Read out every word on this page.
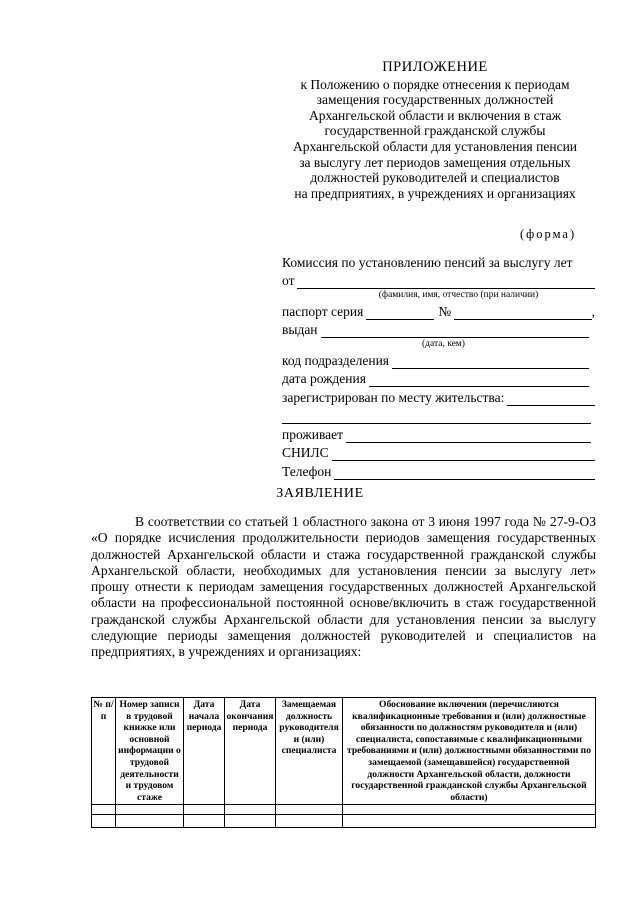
ПРИЛОЖЕНИЕ
к Положению о порядке отнесения к периодам
замещения государственных должностей
Архангельской области и включения в стаж
государственной гражданской службы
Архангельской области для установления пенсии
за выслугу лет периодов замещения отдельных
должностей руководителей и специалистов
на предприятиях, в учреждениях и организациях
(форма)
Комиссия по установлению пенсий за выслугу лет
от
(фамилия, имя, отчество (при наличии)
паспорт серия	№	,
выдан
(дата, кем)
код подразделения
дата рождения
зарегистрирован по месту жительства:
проживает
СНИЛС
Телефон
ЗАЯВЛЕНИЕ

В соответствии со статьей 1 областного закона от 3 июня 1997 года № 27-9-ОЗ «О порядке исчисления продолжительности периодов замещения государственных должностей Архангельской области и стажа государственной гражданской службы Архангельской области, необходимых для установления пенсии за выслугу лет» прошу отнести к периодам замещения государственных должностей Архангельской области на профессиональной постоянной основе/включить в стаж государственной гражданской службы Архангельской области для установления пенсии за выслугу следующие периоды замещения должностей руководителей и специалистов на предприятиях, в учреждениях и организациях:

№ п/п	Номер записи в трудовой книжке или основной информации о трудовой деятельности и трудовом стаже	Дата начала периода	Дата окончания периода	Замещаемая должность руководителя и (или) специалиста	Обоснование включения (перечисляются квалификационные требования и (или) должностные обязанности по должностям руководителя и (или) специалиста, сопоставимые с квалификационными требованиями и (или) должностными обязанностями по замещаемой (замещавшейся) государственной должности Архангельской области, должности государственной гражданской службы Архангельской области)
